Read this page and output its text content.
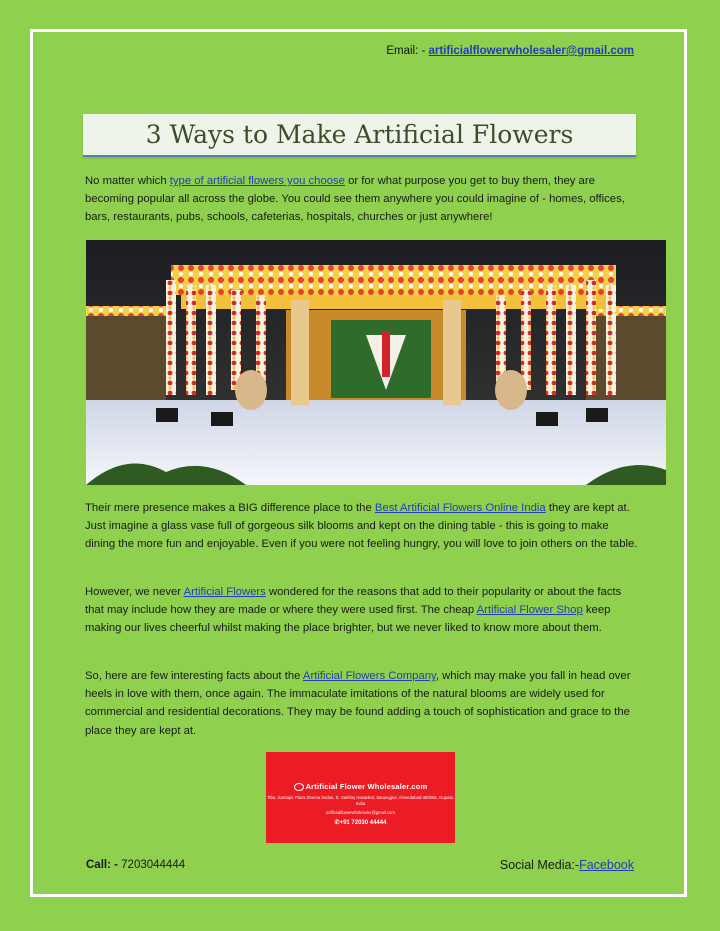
Email: - artificialflowerwholesaler@gmail.com
3 Ways to Make Artificial Flowers

No matter which type of artificial flowers you choose or for what purpose you get to buy them, they are becoming popular all across the globe. You could see them anywhere you could imagine of - homes, offices, bars, restaurants, pubs, schools, cafeterias, hospitals, churches or just anywhere!

Their mere presence makes a BIG difference place to the Best Artificial Flowers Online India they are kept at. Just imagine a glass vase full of gorgeous silk blooms and kept on the dining table - this is going to make dining the more fun and enjoyable. Even if you were not feeling hungry, you will love to join others on the table.

However, we never Artificial Flowers wondered for the reasons that add to their popularity or about the facts that may include how they are made or where they were used first. The cheap Artificial Flower Shop keep making our lives cheerful whilst making the place brighter, but we never liked to know more about them.

So, here are few interesting facts about the Artificial Flowers Company, which may make you fall in head over heels in love with them, once again. The immaculate imitations of the natural blooms are widely used for commercial and residential decorations. They may be found adding a touch of sophistication and grace to the place they are kept at.

Artificial Flower Wholesaler.com
Tiba, Jumrapir Plaza Dhema Sedan, D. Sarkhej Hasankot, Sanangpur, Ahmedabad-380055, Gujarat, India
artificialflowerwholesaler@gmail.com
✆+91 72030 44444
Call: - 7203044444	Social Media:-Facebook
